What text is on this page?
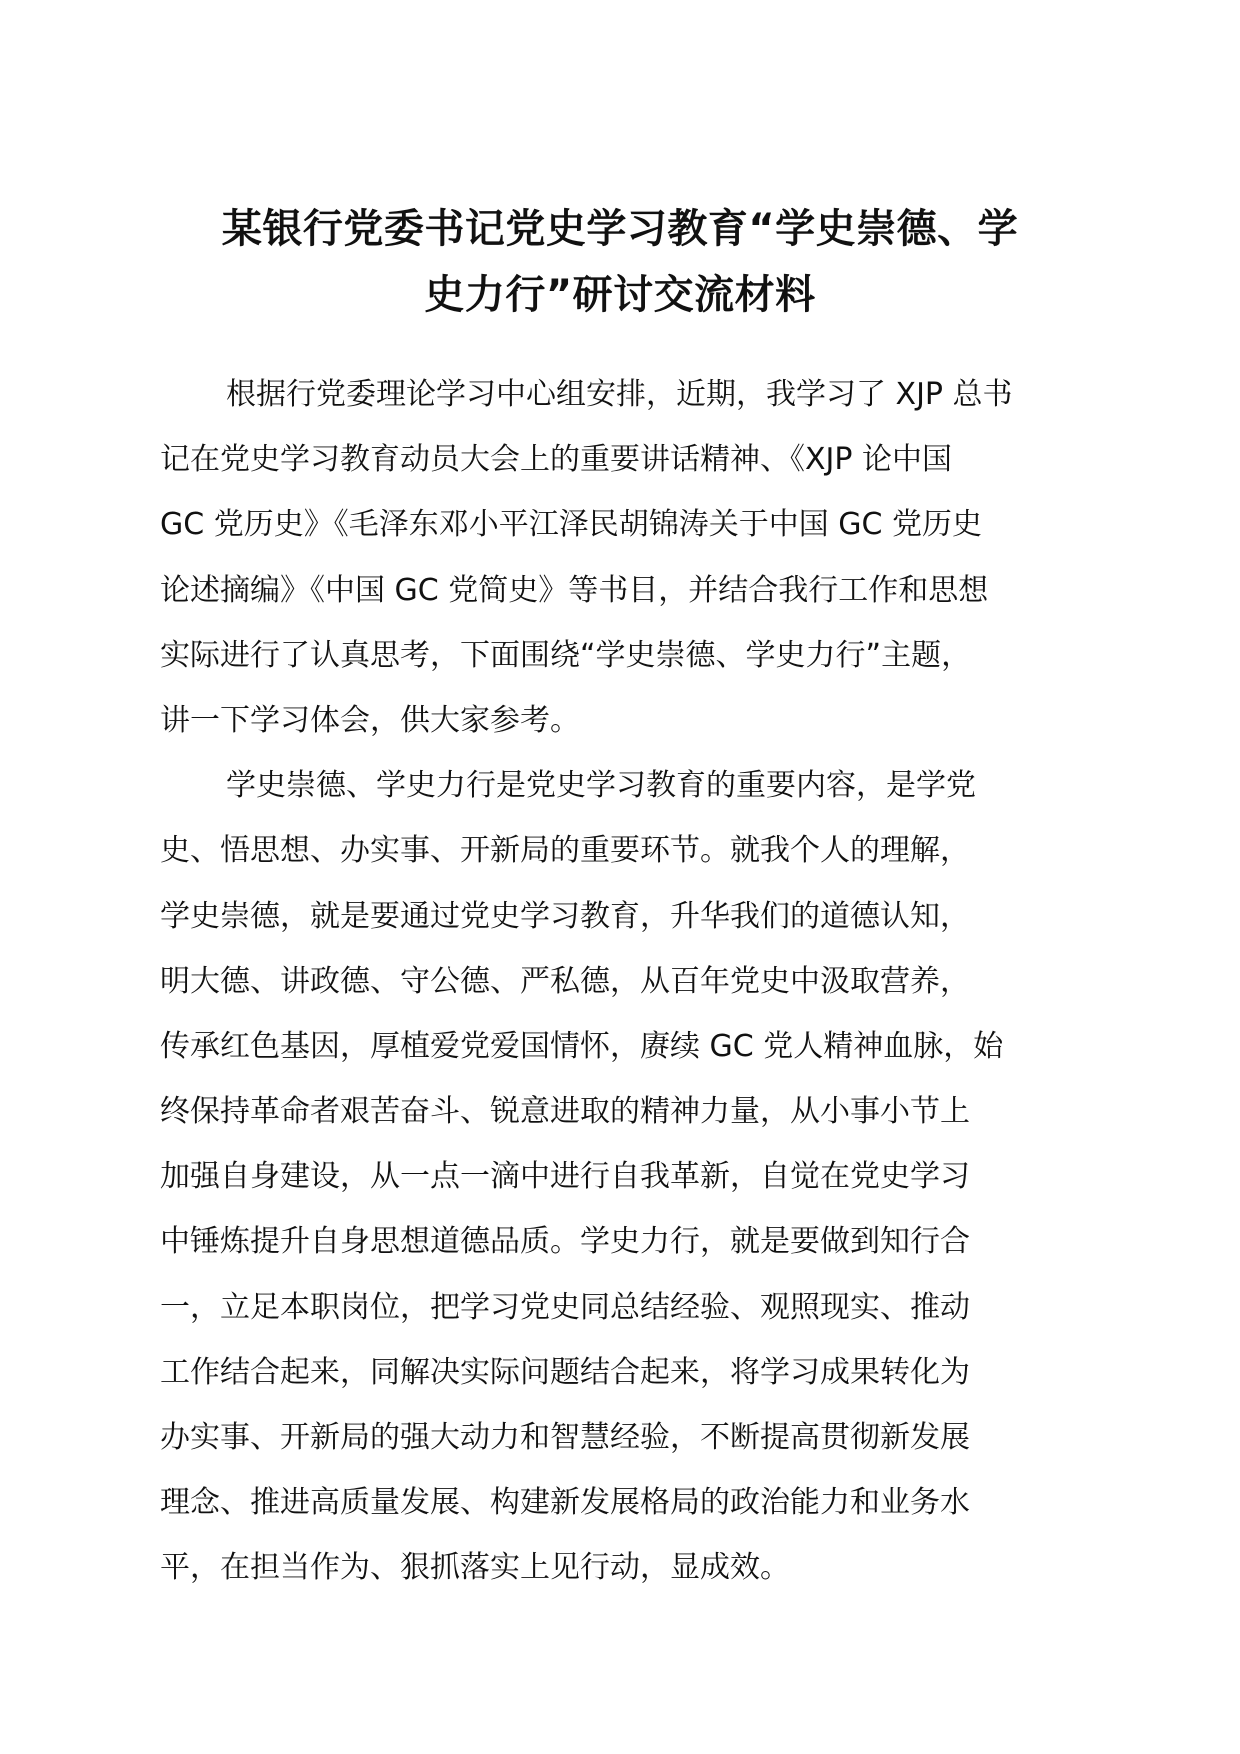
某银行党委书记党史学习教育“学史崇德、学
史力行”研讨交流材料
根据行党委理论学习中心组安排，近期，我学习了 XJP 总书
记在党史学习教育动员大会上的重要讲话精神、《XJP 论中国
GC 党历史》《毛泽东邓小平江泽民胡锦涛关于中国 GC 党历史
论述摘编》《中国 GC 党简史》等书目，并结合我行工作和思想
实际进行了认真思考，下面围绕“学史崇德、学史力行”主题，
讲一下学习体会，供大家参考。
学史崇德、学史力行是党史学习教育的重要内容，是学党
史、悟思想、办实事、开新局的重要环节。就我个人的理解，
学史崇德，就是要通过党史学习教育，升华我们的道德认知，
明大德、讲政德、守公德、严私德，从百年党史中汲取营养，
传承红色基因，厚植爱党爱国情怀，赓续 GC 党人精神血脉，始
终保持革命者艰苦奋斗、锐意进取的精神力量，从小事小节上
加强自身建设，从一点一滴中进行自我革新，自觉在党史学习
中锤炼提升自身思想道德品质。学史力行，就是要做到知行合
一，立足本职岗位，把学习党史同总结经验、观照现实、推动
工作结合起来，同解决实际问题结合起来，将学习成果转化为
办实事、开新局的强大动力和智慧经验，不断提高贯彻新发展
理念、推进高质量发展、构建新发展格局的政治能力和业务水
平，在担当作为、狠抓落实上见行动，显成效。
